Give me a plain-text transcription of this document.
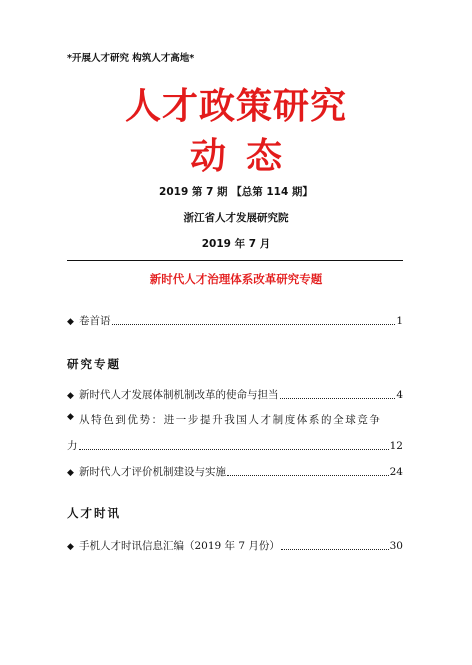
*开展人才研究 构筑人才高地*
人才政策研究
动态
2019 第 7 期 【总第 114 期】
浙江省人才发展研究院
2019 年 7 月
新时代人才治理体系改革研究专题
◆ 卷首语	1
研究专题
◆ 新时代人才发展体制机制改革的使命与担当	4
◆ 从特色到优势：进一步提升我国人才制度体系的全球竞争
力	12
◆ 新时代人才评价机制建设与实施	24
人才时讯
◆ 手机人才时讯信息汇编（2019 年 7 月份）	30
